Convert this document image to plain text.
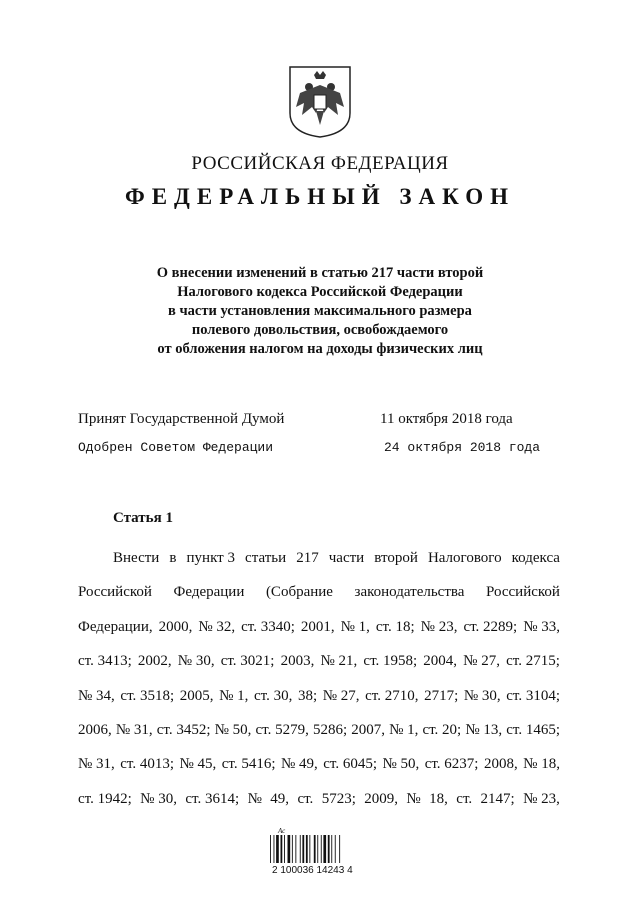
РОССИЙСКАЯ ФЕДЕРАЦИЯ
ФЕДЕРАЛЬНЫЙ ЗАКОН
О внесении изменений в статью 217 части второй
Налогового кодекса Российской Федерации
в части установления максимального размера
полевого довольствия, освобождаемого
от обложения налогом на доходы физических лиц
Принят Государственной Думой	11 октября 2018 года
Одобрен Советом Федерации	24 октября 2018 года
Статья 1
Внести в пункт 3 статьи 217 части второй Налогового кодекса
Российской Федерации (Собрание законодательства Российской
Федерации, 2000, № 32, ст. 3340; 2001, № 1, ст. 18; № 23, ст. 2289; № 33,
ст. 3413; 2002, № 30, ст. 3021; 2003, № 21, ст. 1958; 2004, № 27, ст. 2715;
№ 34, ст. 3518; 2005, № 1, ст. 30, 38; № 27, ст. 2710, 2717; № 30, ст. 3104;
2006, № 31, ст. 3452; № 50, ст. 5279, 5286; 2007, № 1, ст. 20; № 13, ст. 1465;
№ 31, ст. 4013; № 45, ст. 5416; № 49, ст. 6045; № 50, ст. 6237; 2008, № 18,
ст. 1942; № 30, ст. 3614; № 49, ст. 5723; 2009, № 18, ст. 2147; № 23,
Ас
2 100036 14243 4
